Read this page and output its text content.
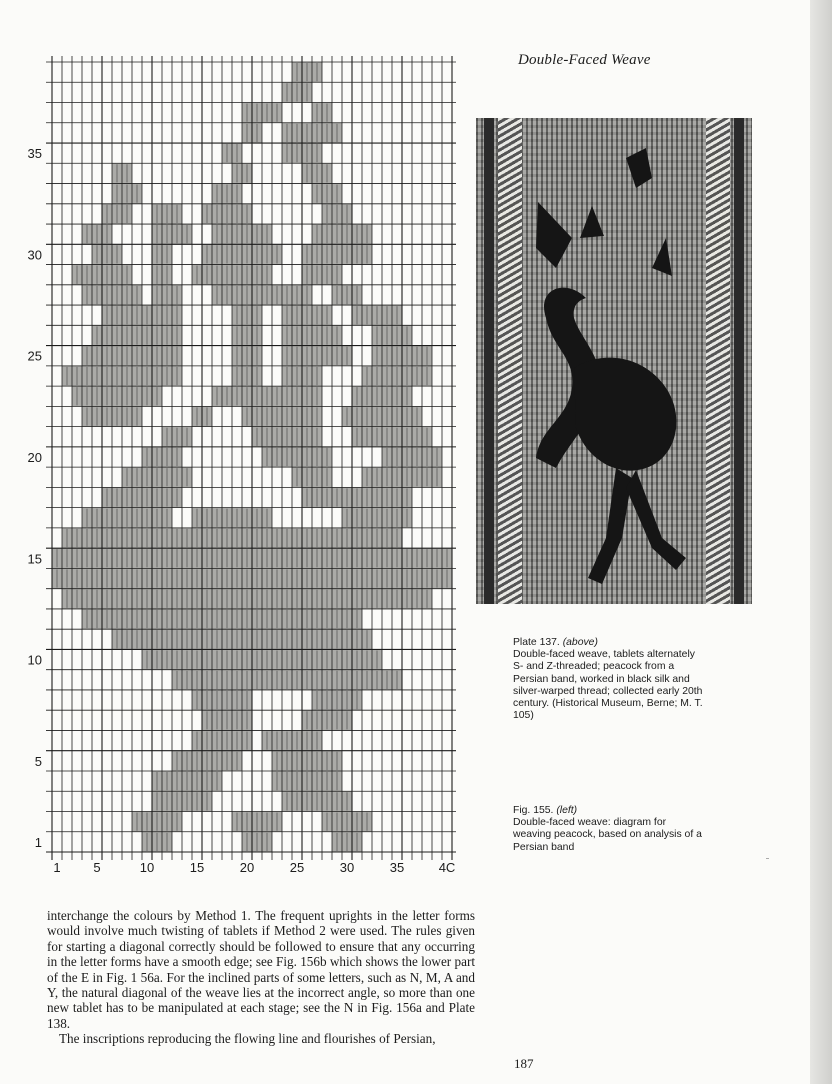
1	5	10	15	20	25	30	35	4C
1
5
10
15
20
25
30
35
Double-Faced Weave
Plate 137. (above)
Double-faced weave, tablets alternately
S- and Z-threaded; peacock from a
Persian band, worked in black silk and
silver-warped thread; collected early 20th
century. (Historical Museum, Berne; M. T.
105)
Fig. 155. (left)
Double-faced weave: diagram for
weaving peacock, based on analysis of a
Persian band

interchange the colours by Method 1. The frequent uprights in the letter forms would involve much twisting of tablets if Method 2 were used. The rules given for starting a diagonal correctly should be followed to ensure that any occurring in the letter forms have a smooth edge; see Fig. 156b which shows the lower part of the E in Fig. 1 56a. For the inclined parts of some letters, such as N, M, A and Y, the natural diagonal of the weave lies at the incorrect angle, so more than one new tablet has to be manipulated at each stage; see the N in Fig. 156a and Plate 138.

The inscriptions reproducing the flowing line and flourishes of Persian,

187
